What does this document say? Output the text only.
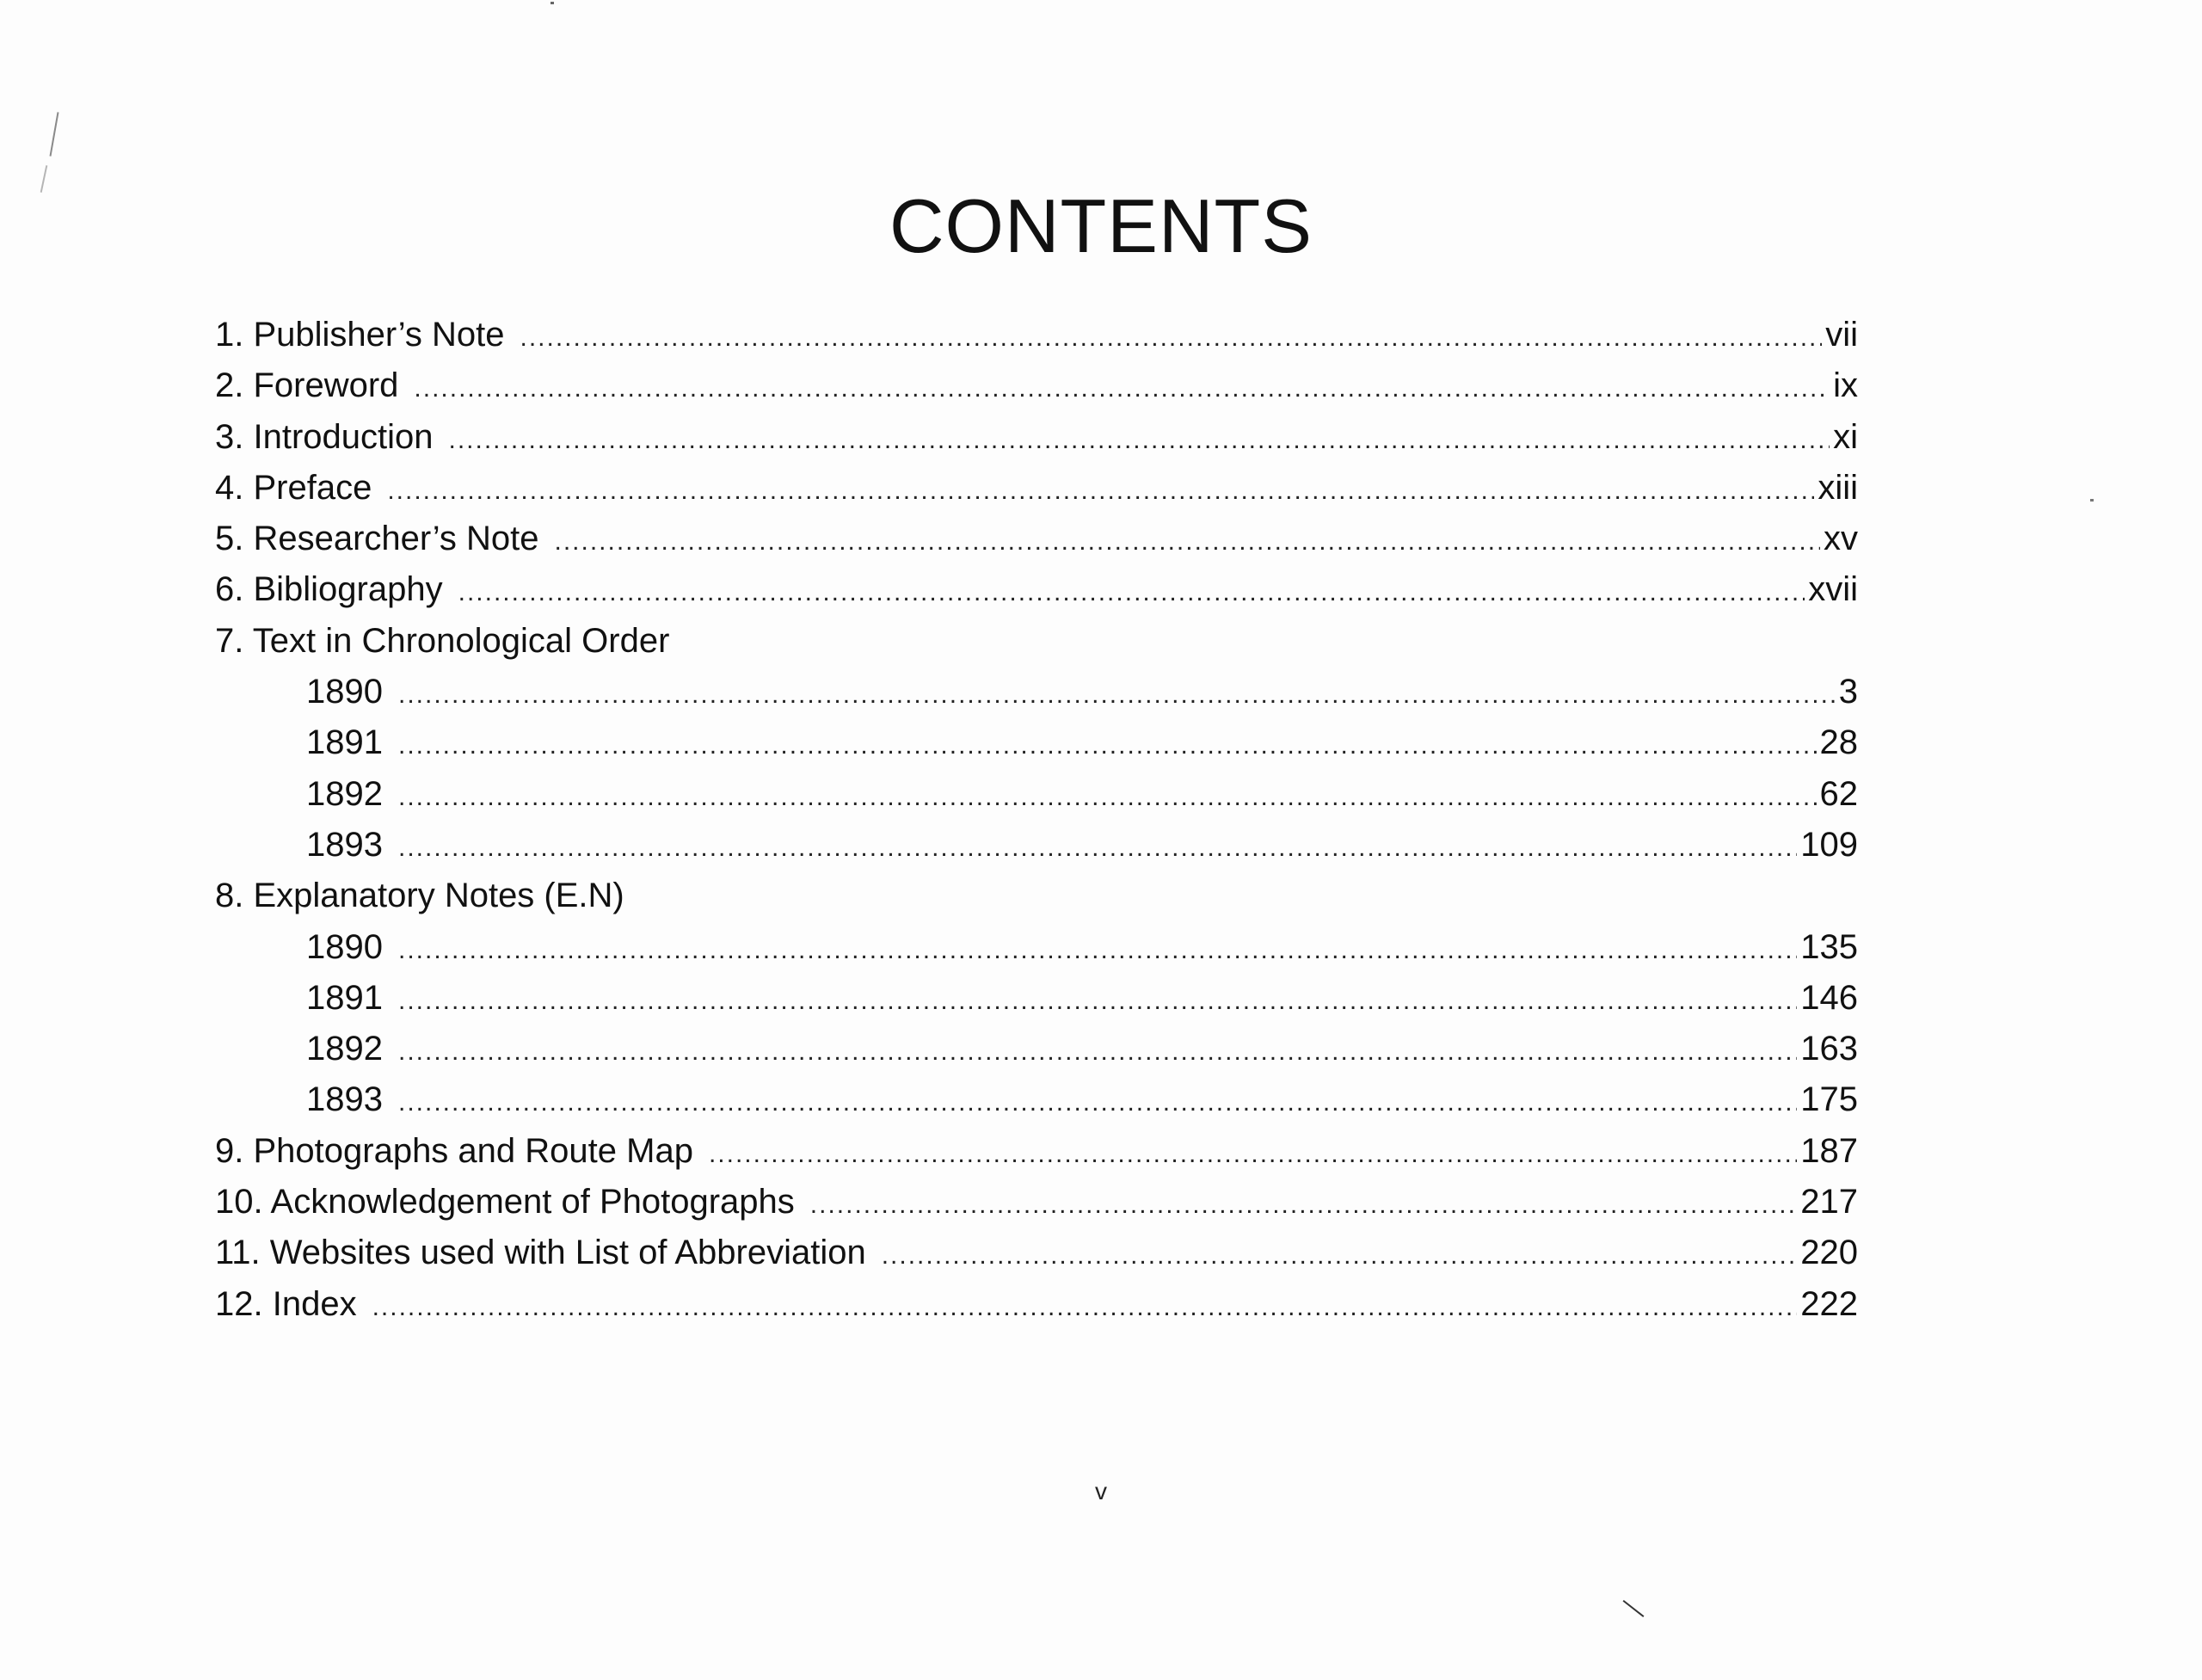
CONTENTS
1. Publisher’s Note .....	vii
2. Foreword .....	ix
3. Introduction .....	xi
4. Preface .....	xiii
5. Researcher’s Note .....	xv
6. Bibliography .....	xvii
7. Text in Chronological Order
1890 .....	3
1891 .....	28
1892 .....	62
1893 .....	109
8. Explanatory Notes (E.N)
1890 .....	135
1891 .....	146
1892 .....	163
1893 .....	175
9. Photographs and Route Map .....	187
10. Acknowledgement of Photographs .....	217
11. Websites used with List of Abbreviation .....	220
12. Index .....	222
v
